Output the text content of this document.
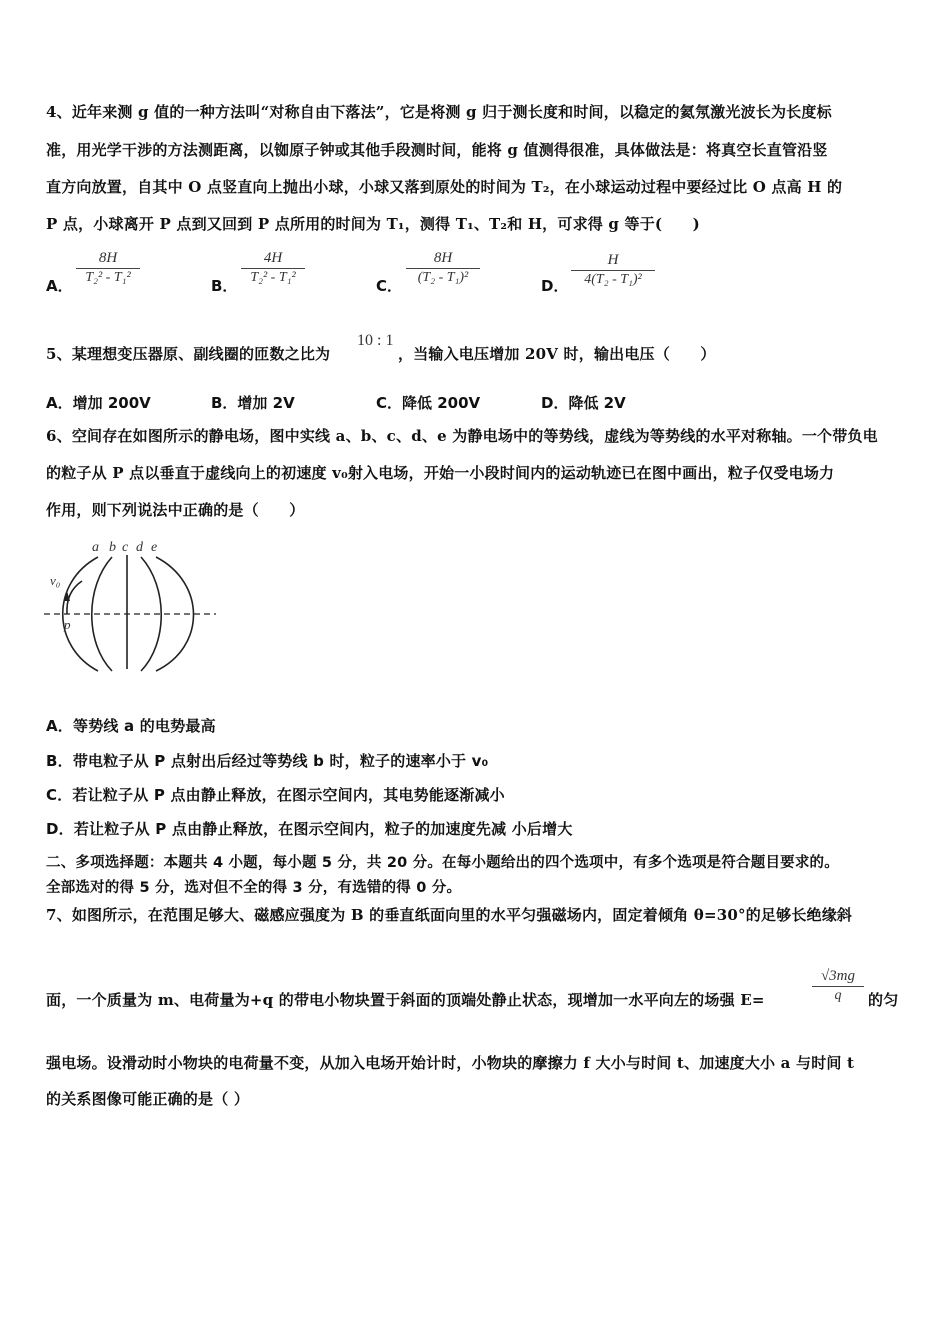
4、近年来测 g 值的一种方法叫“对称自由下落法”，它是将测 g 归于测长度和时间，以稳定的氦氖激光波长为长度标
准，用光学干涉的方法测距离，以铷原子钟或其他手段测时间，能将 g 值测得很准，具体做法是：将真空长直管沿竖
直方向放置，自其中 O 点竖直向上抛出小球，小球又落到原处的时间为 T₂，在小球运动过程中要经过比 O 点高 H 的
P 点，小球离开 P 点到又回到 P 点所用的时间为 T₁，测得 T₁、T₂和 H，可求得 g 等于(　　)
A．
8H
T₂² - T₁²	B．
4H
T₂² - T₁²	C．
8H
(T₂ - T₁)²	D．
H
4(T₂ - T₁)²
5、某理想变压器原、副线圈的匝数之比为
10 : 1
，当输入电压增加 20V 时，输出电压（　　）
A．增加 200V	B．增加 2V	C．降低 200V	D．降低 2V
6、空间存在如图所示的静电场，图中实线 a、b、c、d、e 为静电场中的等势线，虚线为等势线的水平对称轴。一个带负电
的粒子从 P 点以垂直于虚线向上的初速度 v₀射入电场，开始一小段时间内的运动轨迹已在图中画出，粒子仅受电场力
作用，则下列说法中正确的是（　　）
a b c d e
v₀
p
A．等势线 a 的电势最高
B．带电粒子从 P 点射出后经过等势线 b 时，粒子的速率小于 v₀
C．若让粒子从 P 点由静止释放，在图示空间内，其电势能逐渐减小
D．若让粒子从 P 点由静止释放，在图示空间内，粒子的加速度先减 小后增大
二、多项选择题：本题共 4 小题，每小题 5 分，共 20 分。在每小题给出的四个选项中，有多个选项是符合题目要求的。
全部选对的得 5 分，选对但不全的得 3 分，有选错的得 0 分。
7、如图所示，在范围足够大、磁感应强度为 B 的垂直纸面向里的水平匀强磁场内，固定着倾角 θ=30°的足够长绝缘斜
面，一个质量为 m、电荷量为+q 的带电小物块置于斜面的顶端处静止状态，现增加一水平向左的场强 E=
√3mg
q	的匀
强电场。设滑动时小物块的电荷量不变，从加入电场开始计时，小物块的摩擦力 f 大小与时间 t、加速度大小 a 与时间 t
的关系图像可能正确的是（ ）
